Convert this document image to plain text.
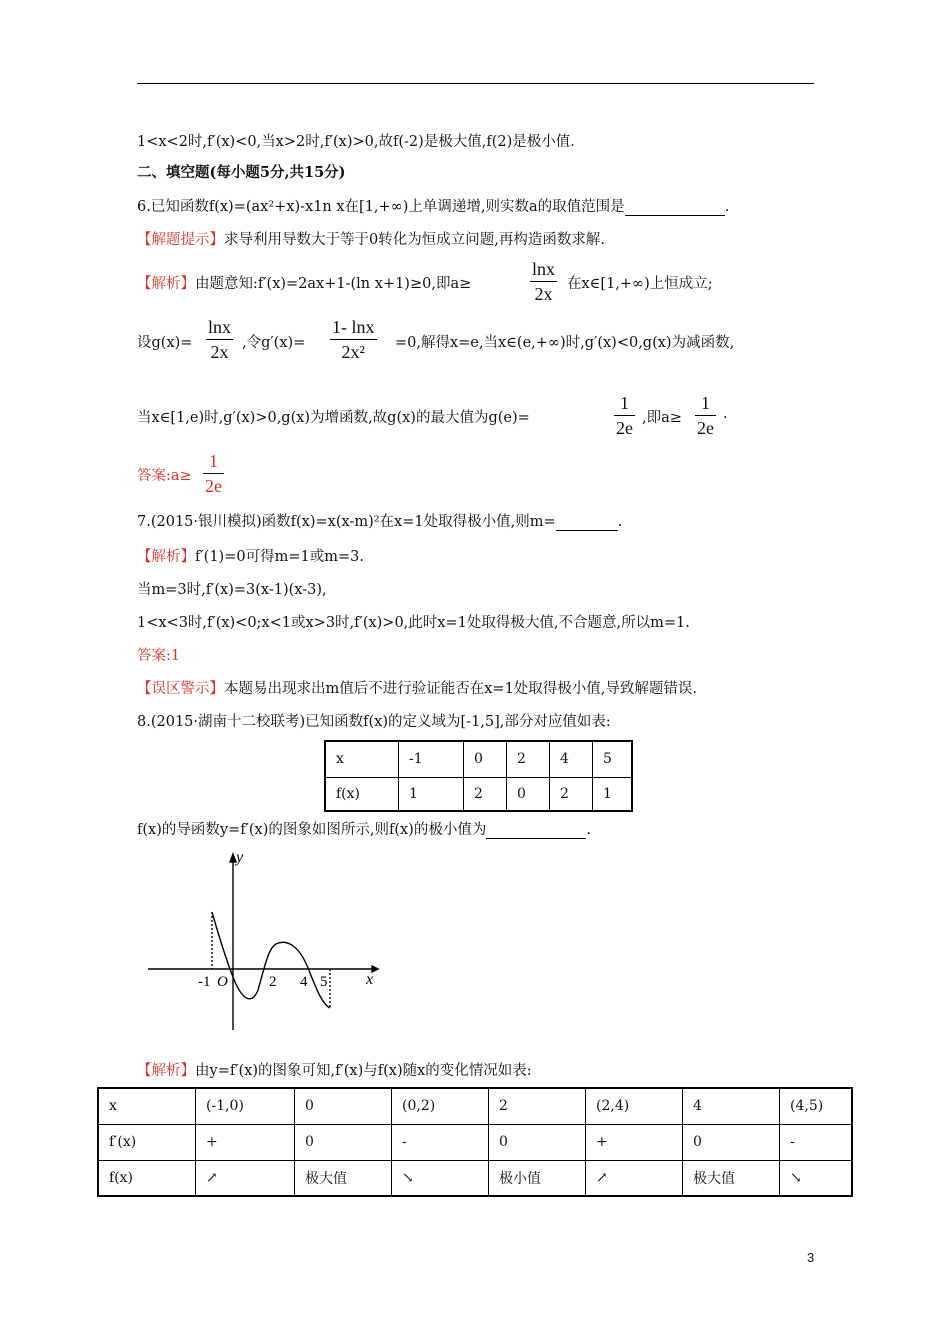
1<x<2时,f′(x)<0,当x>2时,f′(x)>0,故f(-2)是极大值,f(2)是极小值.
二、填空题(每小题5分,共15分)
6.已知函数f(x)=(ax²+x)-x1n x在[1,+∞)上单调递增,则实数a的取值范围是	.
【解题提示】求导利用导数大于等于0转化为恒成立问题,再构造函数求解.
【解析】由题意知:f′(x)=2ax+1-(ln x+1)≥0,即a≥	$\frac{\ln x}{2x}$ 在x∈[1,+∞)上恒成立;
设$g(x)= \frac{\ln x}{2x}$ ,令$g'(x)= \frac{1- \ln x}{\text{2x²}} =0$,解得x=e,当x∈(e,+∞)时,g′(x)<0,g(x)为减函数,
当x∈[1,e)时,g′(x)>0,g(x)为增函数,故g(x)的最大值为g(e)=	$\frac{1}{2e}$ ,即$a\ge \frac{1}{2e}$ .
答案:a≥ $\frac{1}{2e}$
7.(2015·银川模拟)函数f(x)=x(x-m)²在x=1处取得极小值,则m=	.
【解析】f′(1)=0可得m=1或m=3.
当m=3时,f′(x)=3(x-1)(x-3),
1<x<3时,f′(x)<0;x<1或x>3时,f′(x)>0,此时x=1处取得极大值,不合题意,所以m=1.
答案:1
【误区警示】本题易出现求出m值后不进行验证能否在x=1处取得极小值,导致解题错误.
8.(2015·湖南十二校联考)已知函数f(x)的定义域为[-1,5],部分对应值如表:
x	-1	0	2	4	5
f(x)	1	2	0	2	1
f(x)的导函数y=f′(x)的图象如图所示,则f(x)的极小值为	.
y
x
-1 O	2 4 5
【解析】由y=f′(x)的图象可知,f′(x)与f(x)随x的变化情况如表:
x	(-1,0)	0	(0,2)	2	(2,4)	4	(4,5)
f′(x)	+	0	-	0	+	0	-
f(x)	↗	极大值	↘	极小值	↗	极大值	↘
3
